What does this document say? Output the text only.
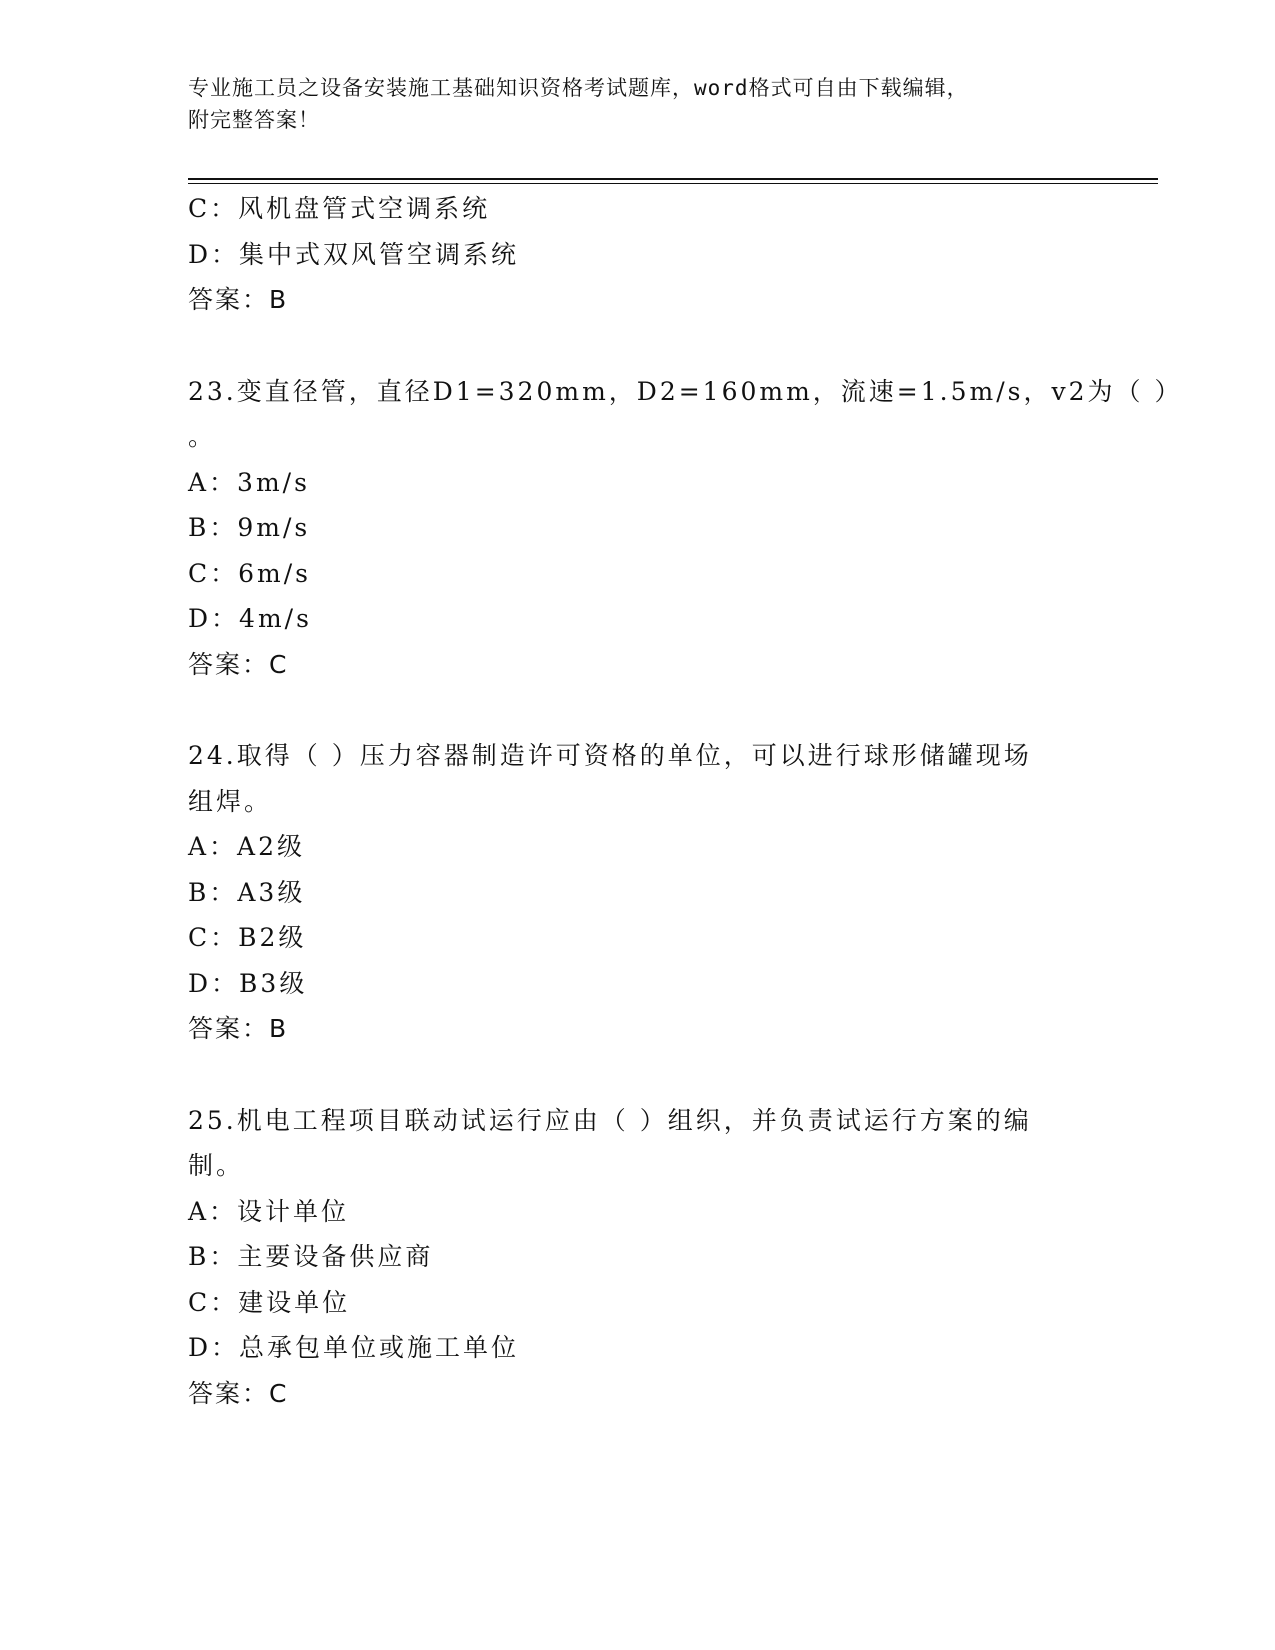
专业施工员之设备安装施工基础知识资格考试题库，word格式可自由下载编辑，
附完整答案！
C：风机盘管式空调系统
D：集中式双风管空调系统
答案：B
23.变直径管，直径D1=320mm，D2=160mm，流速=1.5m/s，v2为（ ）
。
A：3m/s
B：9m/s
C：6m/s
D：4m/s
答案：C
24.取得（ ）压力容器制造许可资格的单位，可以进行球形储罐现场
组焊。
A：A2级
B：A3级
C：B2级
D：B3级
答案：B
25.机电工程项目联动试运行应由（ ）组织，并负责试运行方案的编
制。
A：设计单位
B：主要设备供应商
C：建设单位
D：总承包单位或施工单位
答案：C
